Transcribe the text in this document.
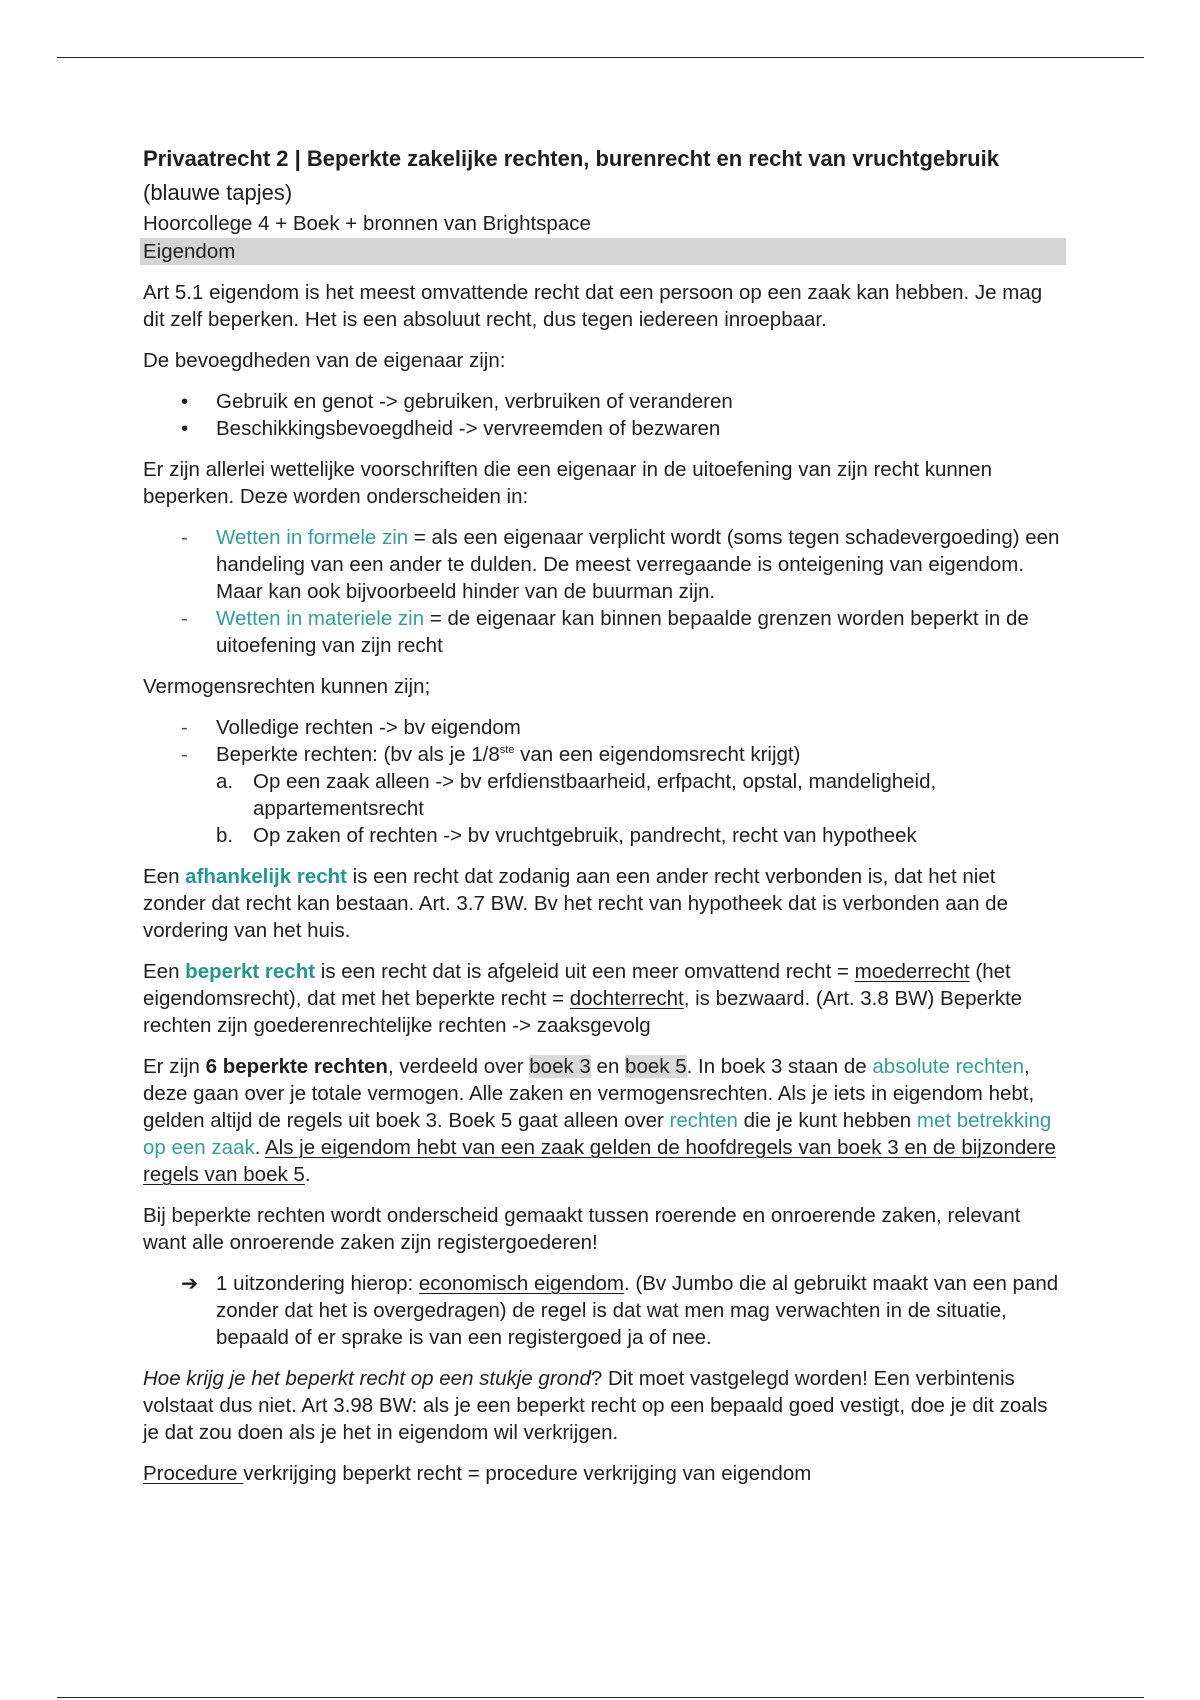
Privaatrecht 2 | Beperkte zakelijke rechten, burenrecht en recht van vruchtgebruik (blauwe tapjes)

Hoorcollege 4 + Boek + bronnen van Brightspace

Eigendom

Art 5.1 eigendom is het meest omvattende recht dat een persoon op een zaak kan hebben. Je mag dit zelf beperken. Het is een absoluut recht, dus tegen iedereen inroepbaar.

De bevoegdheden van de eigenaar zijn:

• Gebruik en genot -> gebruiken, verbruiken of veranderen
• Beschikkingsbevoegdheid -> vervreemden of bezwaren

Er zijn allerlei wettelijke voorschriften die een eigenaar in de uitoefening van zijn recht kunnen beperken. Deze worden onderscheiden in:

- Wetten in formele zin = als een eigenaar verplicht wordt (soms tegen schadevergoeding) een handeling van een ander te dulden. De meest verregaande is onteigening van eigendom. Maar kan ook bijvoorbeeld hinder van de buurman zijn.
- Wetten in materiele zin = de eigenaar kan binnen bepaalde grenzen worden beperkt in de uitoefening van zijn recht

Vermogensrechten kunnen zijn;

- Volledige rechten -> bv eigendom
- Beperkte rechten: (bv als je 1/8ste van een eigendomsrecht krijgt)
a. Op een zaak alleen -> bv erfdienstbaarheid, erfpacht, opstal, mandeligheid, appartementsrecht
b. Op zaken of rechten -> bv vruchtgebruik, pandrecht, recht van hypotheek

Een afhankelijk recht is een recht dat zodanig aan een ander recht verbonden is, dat het niet zonder dat recht kan bestaan. Art. 3.7 BW. Bv het recht van hypotheek dat is verbonden aan de vordering van het huis.

Een beperkt recht is een recht dat is afgeleid uit een meer omvattend recht = moederrecht (het eigendomsrecht), dat met het beperkte recht = dochterrecht, is bezwaard. (Art. 3.8 BW) Beperkte rechten zijn goederenrechtelijke rechten -> zaaksgevolg

Er zijn 6 beperkte rechten, verdeeld over boek 3 en boek 5. In boek 3 staan de absolute rechten, deze gaan over je totale vermogen. Alle zaken en vermogensrechten. Als je iets in eigendom hebt, gelden altijd de regels uit boek 3. Boek 5 gaat alleen over rechten die je kunt hebben met betrekking op een zaak. Als je eigendom hebt van een zaak gelden de hoofdregels van boek 3 en de bijzondere regels van boek 5.

Bij beperkte rechten wordt onderscheid gemaakt tussen roerende en onroerende zaken, relevant want alle onroerende zaken zijn registergoederen!

➔ 1 uitzondering hierop: economisch eigendom. (Bv Jumbo die al gebruikt maakt van een pand zonder dat het is overgedragen) de regel is dat wat men mag verwachten in de situatie, bepaald of er sprake is van een registergoed ja of nee.

Hoe krijg je het beperkt recht op een stukje grond? Dit moet vastgelegd worden! Een verbintenis volstaat dus niet. Art 3.98 BW: als je een beperkt recht op een bepaald goed vestigt, doe je dit zoals je dat zou doen als je het in eigendom wil verkrijgen.

Procedure verkrijging beperkt recht = procedure verkrijging van eigendom
